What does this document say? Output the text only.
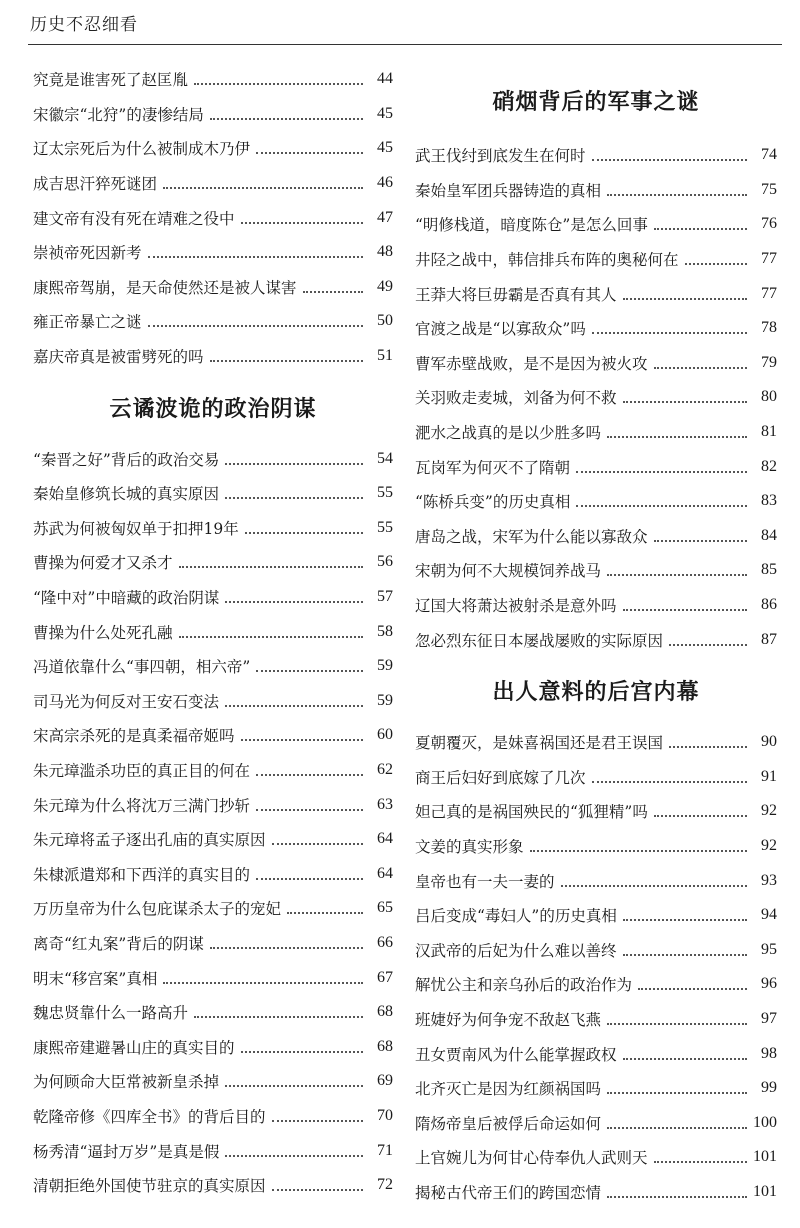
历史不忍细看
究竟是谁害死了赵匡胤	44
宋徽宗“北狩”的凄惨结局	45
辽太宗死后为什么被制成木乃伊	45
成吉思汗猝死谜团	46
建文帝有没有死在靖难之役中	47
崇祯帝死因新考	48
康熙帝驾崩，是天命使然还是被人谋害	49
雍正帝暴亡之谜	50
嘉庆帝真是被雷劈死的吗	51
云谲波诡的政治阴谋
“秦晋之好”背后的政治交易	54
秦始皇修筑长城的真实原因	55
苏武为何被匈奴单于扣押19年	55
曹操为何爱才又杀才	56
“隆中对”中暗藏的政治阴谋	57
曹操为什么处死孔融	58
冯道依靠什么“事四朝，相六帝”	59
司马光为何反对王安石变法	59
宋高宗杀死的是真柔福帝姬吗	60
朱元璋滥杀功臣的真正目的何在	62
朱元璋为什么将沈万三满门抄斩	63
朱元璋将孟子逐出孔庙的真实原因	64
朱棣派遣郑和下西洋的真实目的	64
万历皇帝为什么包庇谋杀太子的宠妃	65
离奇“红丸案”背后的阴谋	66
明末“移宫案”真相	67
魏忠贤靠什么一路高升	68
康熙帝建避暑山庄的真实目的	68
为何顾命大臣常被新皇杀掉	69
乾隆帝修《四库全书》的背后目的	70
杨秀清“逼封万岁”是真是假	71
清朝拒绝外国使节驻京的真实原因	72
硝烟背后的军事之谜
武王伐纣到底发生在何时	74
秦始皇军团兵器铸造的真相	75
“明修栈道，暗度陈仓”是怎么回事	76
井陉之战中，韩信排兵布阵的奥秘何在	77
王莽大将巨毋霸是否真有其人	77
官渡之战是“以寡敌众”吗	78
曹军赤壁战败，是不是因为被火攻	79
关羽败走麦城，刘备为何不救	80
淝水之战真的是以少胜多吗	81
瓦岗军为何灭不了隋朝	82
“陈桥兵变”的历史真相	83
唐岛之战，宋军为什么能以寡敌众	84
宋朝为何不大规模饲养战马	85
辽国大将萧达被射杀是意外吗	86
忽必烈东征日本屡战屡败的实际原因	87
出人意料的后宫内幕
夏朝覆灭，是妹喜祸国还是君王误国	90
商王后妇好到底嫁了几次	91
妲己真的是祸国殃民的“狐狸精”吗	92
文姜的真实形象	92
皇帝也有一夫一妻的	93
吕后变成“毒妇人”的历史真相	94
汉武帝的后妃为什么难以善终	95
解忧公主和亲乌孙后的政治作为	96
班婕妤为何争宠不敌赵飞燕	97
丑女贾南风为什么能掌握政权	98
北齐灭亡是因为红颜祸国吗	99
隋炀帝皇后被俘后命运如何	100
上官婉儿为何甘心侍奉仇人武则天	101
揭秘古代帝王们的跨国恋情	101
